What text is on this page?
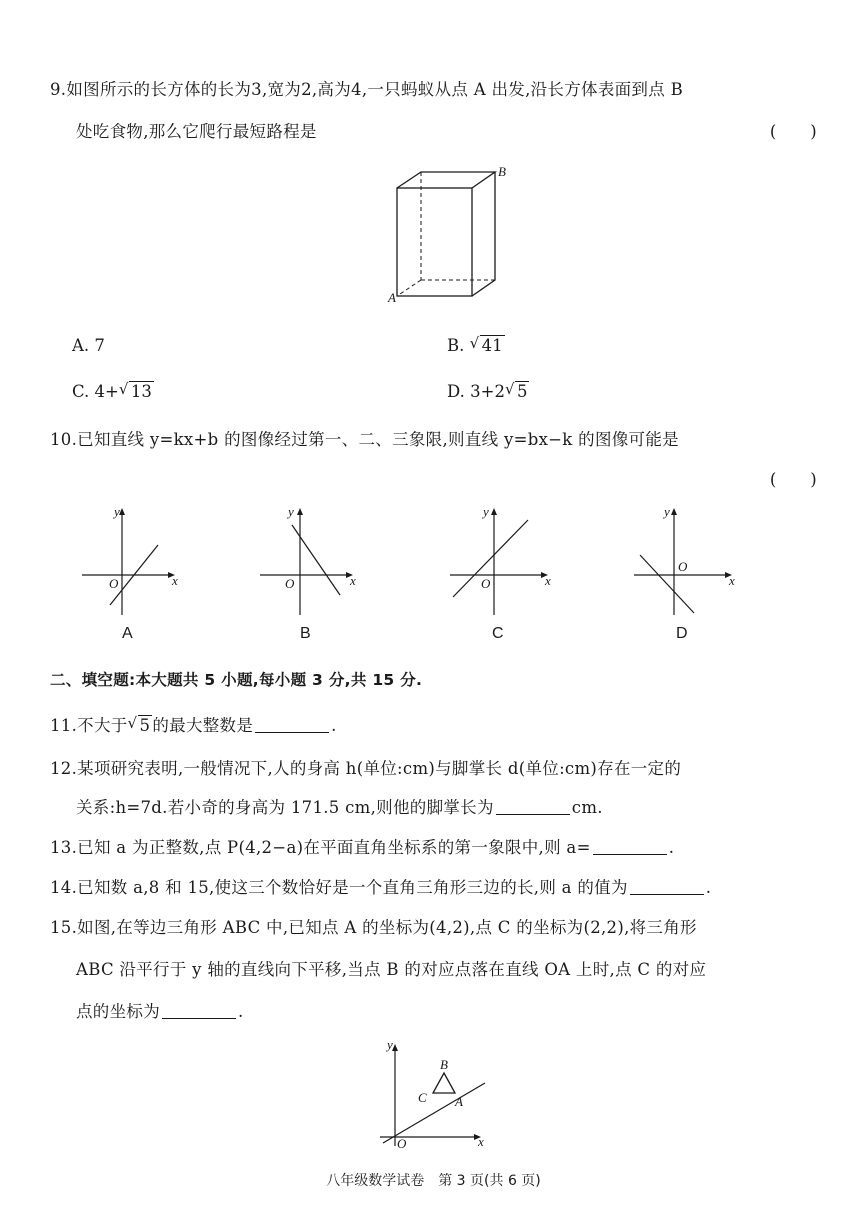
9.如图所示的长方体的长为3,宽为2,高为4,一只蚂蚁从点 A 出发,沿长方体表面到点 B
处吃食物,那么它爬行最短路程是	(　　)
B
A
A. 7	B. √ 41
C. 4+ √ 13	D. 3+2 √ 5
10.已知直线 y=kx+b 的图像经过第一、二、三象限,则直线 y=bx−k 的图像可能是
(　　)
y
x
O
A
y
x
O
B
y
x
O
C
y
x
O
D
二、填空题:本大题共 5 小题,每小题 3 分,共 15 分.
11.不大于 √ 5 的最大整数是	.
12.某项研究表明,一般情况下,人的身高 h(单位:cm)与脚掌长 d(单位:cm)存在一定的
关系:h=7d.若小奇的身高为 171.5 cm,则他的脚掌长为	cm.
13.已知 a 为正整数,点 P(4,2−a)在平面直角坐标系的第一象限中,则 a=	.
14.已知数 a,8 和 15,使这三个数恰好是一个直角三角形三边的长,则 a 的值为	.
15.如图,在等边三角形 ABC 中,已知点 A 的坐标为(4,2),点 C 的坐标为(2,2),将三角形
ABC 沿平行于 y 轴的直线向下平移,当点 B 的对应点落在直线 OA 上时,点 C 的对应
点的坐标为	.
y
x
O
B
C A
八年级数学试卷　第 3 页(共 6 页)
